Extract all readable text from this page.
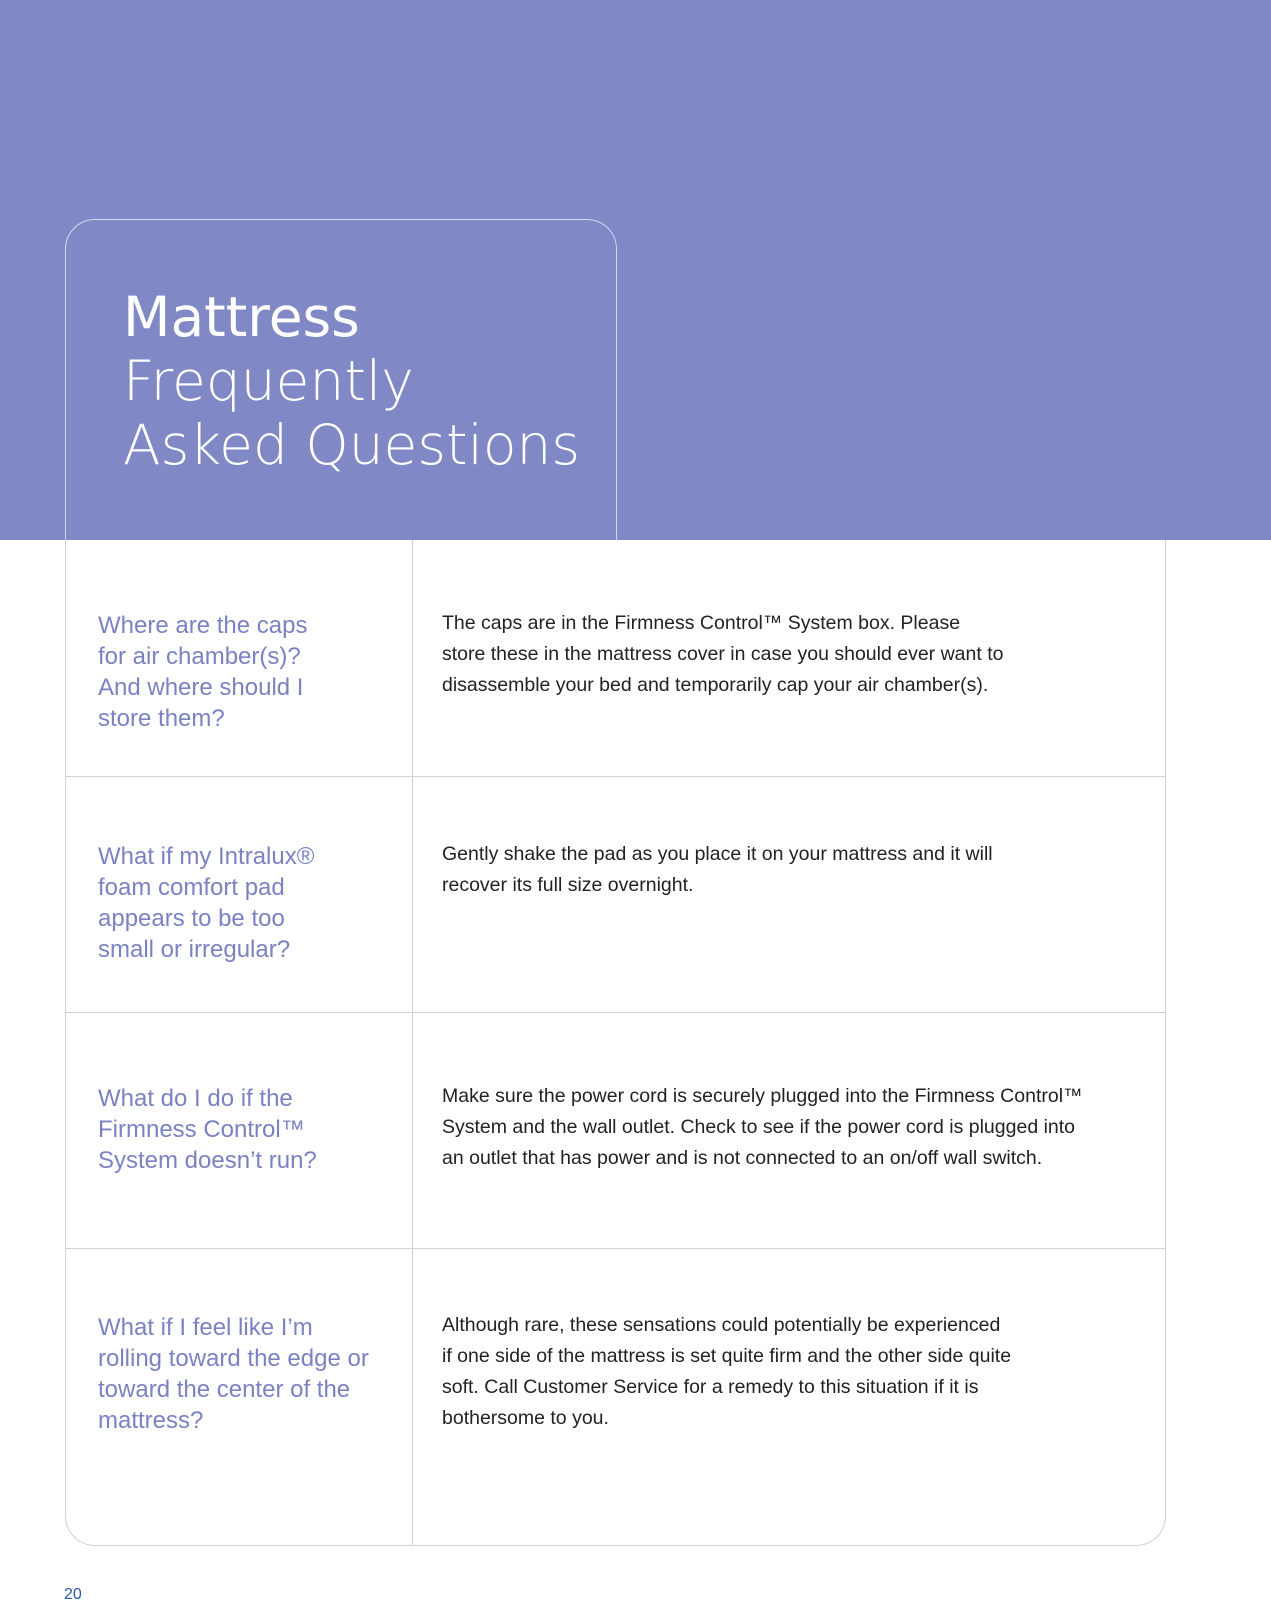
Mattress
Frequently
Asked Questions

Where are the caps
for air chamber(s)?
And where should I
store them?

The caps are in the Firmness Control™ System box. Please
store these in the mattress cover in case you should ever want to
disassemble your bed and temporarily cap your air chamber(s).

What if my Intralux®
foam comfort pad
appears to be too
small or irregular?

Gently shake the pad as you place it on your mattress and it will
recover its full size overnight.

What do I do if the
Firmness Control™
System doesn’t run?

Make sure the power cord is securely plugged into the Firmness Control™
System and the wall outlet. Check to see if the power cord is plugged into
an outlet that has power and is not connected to an on/off wall switch.

What if I feel like I’m
rolling toward the edge or
toward the center of the
mattress?

Although rare, these sensations could potentially be experienced
if one side of the mattress is set quite firm and the other side quite
soft. Call Customer Service for a remedy to this situation if it is
bothersome to you.

20
